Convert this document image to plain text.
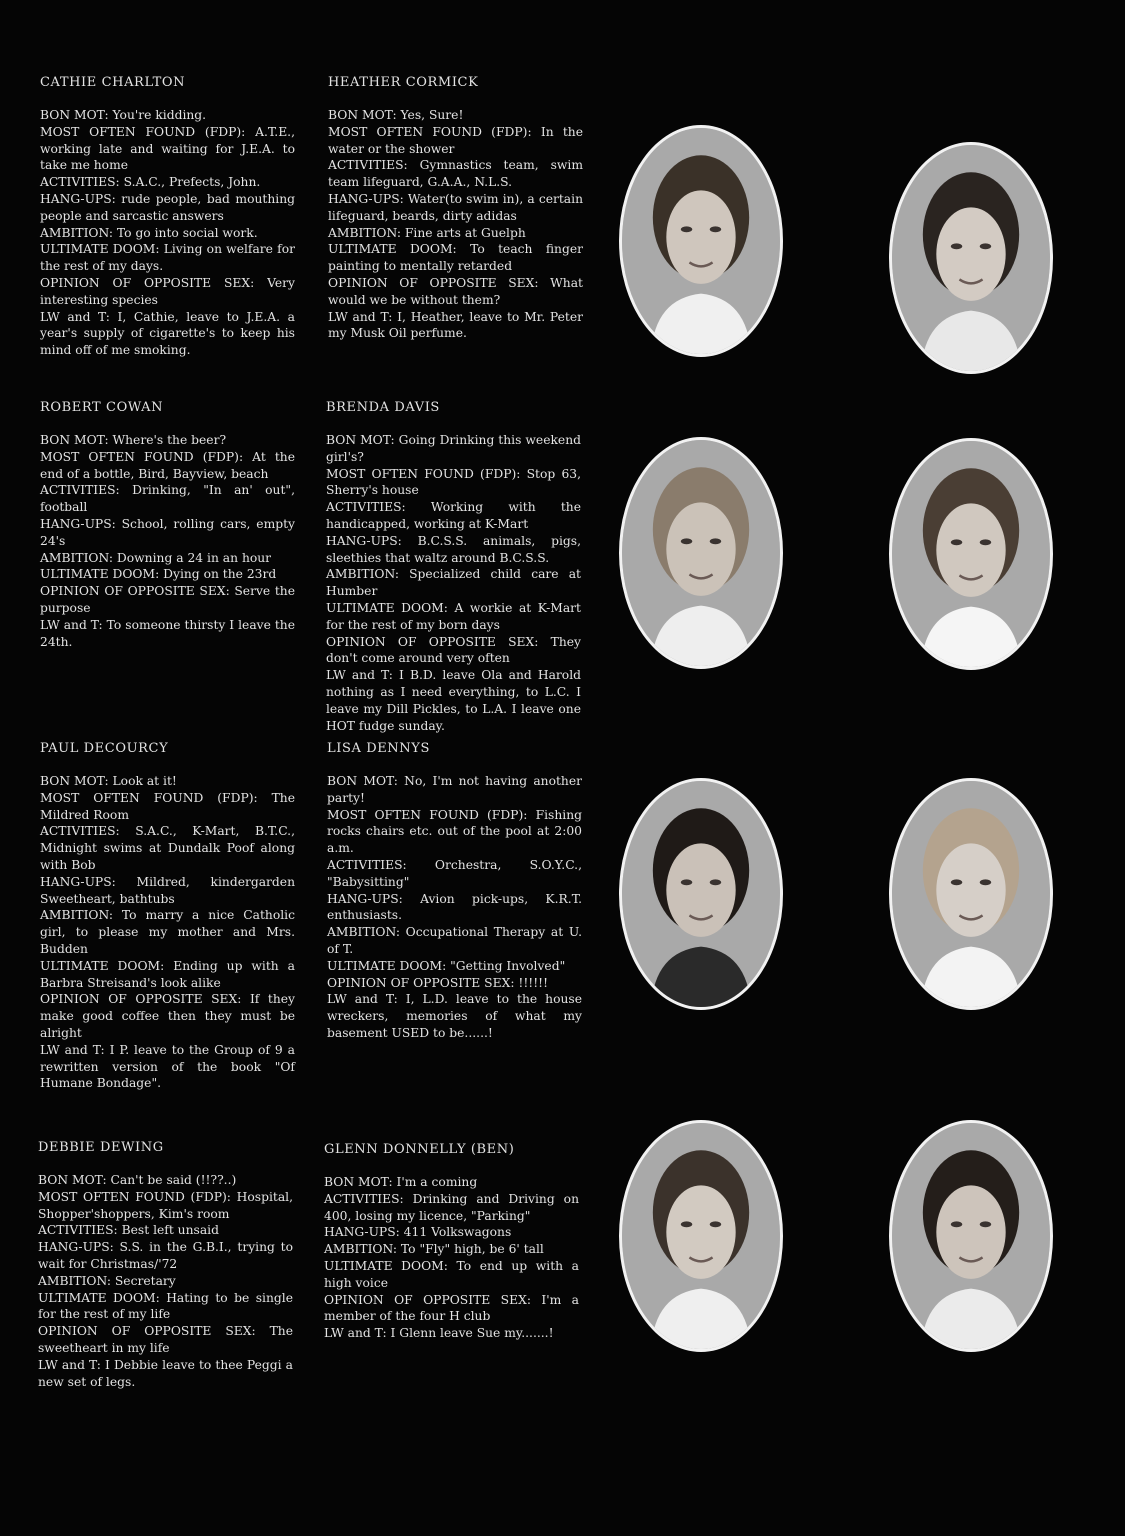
CATHIE CHARLTON
BON MOT: You're kidding.
MOST OFTEN FOUND (FDP): A.T.E., working late and waiting for J.E.A. to take me home
ACTIVITIES: S.A.C., Prefects, John.
HANG-UPS: rude people, bad mouthing people and sarcastic answers
AMBITION: To go into social work.
ULTIMATE DOOM: Living on welfare for the rest of my days.
OPINION OF OPPOSITE SEX: Very interesting species
LW and T: I, Cathie, leave to J.E.A. a year's supply of cigarette's to keep his mind off of me smoking.
HEATHER CORMICK
BON MOT: Yes, Sure!
MOST OFTEN FOUND (FDP): In the water or the shower
ACTIVITIES: Gymnastics team, swim team lifeguard, G.A.A., N.L.S.
HANG-UPS: Water(to swim in), a certain lifeguard, beards, dirty adidas
AMBITION: Fine arts at Guelph
ULTIMATE DOOM: To teach finger painting to mentally retarded
OPINION OF OPPOSITE SEX: What would we be without them?
LW and T: I, Heather, leave to Mr. Peter my Musk Oil perfume.
ROBERT COWAN
BON MOT: Where's the beer?
MOST OFTEN FOUND (FDP): At the end of a bottle, Bird, Bayview, beach
ACTIVITIES: Drinking, "In an' out", football
HANG-UPS: School, rolling cars, empty 24's
AMBITION: Downing a 24 in an hour
ULTIMATE DOOM: Dying on the 23rd
OPINION OF OPPOSITE SEX: Serve the purpose
LW and T: To someone thirsty I leave the 24th.
BRENDA DAVIS
BON MOT: Going Drinking this weekend girl's?
MOST OFTEN FOUND (FDP): Stop 63, Sherry's house
ACTIVITIES: Working with the handicapped, working at K-Mart
HANG-UPS: B.C.S.S. animals, pigs, sleethies that waltz around B.C.S.S.
AMBITION: Specialized child care at Humber
ULTIMATE DOOM: A workie at K-Mart for the rest of my born days
OPINION OF OPPOSITE SEX: They don't come around very often
LW and T: I B.D. leave Ola and Harold nothing as I need everything, to L.C. I leave my Dill Pickles, to L.A. I leave one HOT fudge sunday.
PAUL DECOURCY
BON MOT: Look at it!
MOST OFTEN FOUND (FDP): The Mildred Room
ACTIVITIES: S.A.C., K-Mart, B.T.C., Midnight swims at Dundalk Poof along with Bob
HANG-UPS: Mildred, kindergarden Sweetheart, bathtubs
AMBITION: To marry a nice Catholic girl, to please my mother and Mrs. Budden
ULTIMATE DOOM: Ending up with a Barbra Streisand's look alike
OPINION OF OPPOSITE SEX: If they make good coffee then they must be alright
LW and T: I P. leave to the Group of 9 a rewritten version of the book "Of Humane Bondage".
LISA DENNYS
BON MOT: No, I'm not having another party!
MOST OFTEN FOUND (FDP): Fishing rocks chairs etc. out of the pool at 2:00 a.m.
ACTIVITIES: Orchestra, S.O.Y.C., "Babysitting"
HANG-UPS: Avion pick-ups, K.R.T. enthusiasts.
AMBITION: Occupational Therapy at U. of T.
ULTIMATE DOOM: "Getting Involved"
OPINION OF OPPOSITE SEX: !!!!!!
LW and T: I, L.D. leave to the house wreckers, memories of what my basement USED to be......!
DEBBIE DEWING
BON MOT: Can't be said (!!??..)
MOST OFTEN FOUND (FDP): Hospital, Shopper'shoppers, Kim's room
ACTIVITIES: Best left unsaid
HANG-UPS: S.S. in the G.B.I., trying to wait for Christmas/'72
AMBITION: Secretary
ULTIMATE DOOM: Hating to be single for the rest of my life
OPINION OF OPPOSITE SEX: The sweetheart in my life
LW and T: I Debbie leave to thee Peggi a new set of legs.
GLENN DONNELLY (BEN)
BON MOT: I'm a coming
ACTIVITIES: Drinking and Driving on 400, losing my licence, "Parking"
HANG-UPS: 411 Volkswagons
AMBITION: To "Fly" high, be 6' tall
ULTIMATE DOOM: To end up with a high voice
OPINION OF OPPOSITE SEX: I'm a member of the four H club
LW and T: I Glenn leave Sue my.......!
